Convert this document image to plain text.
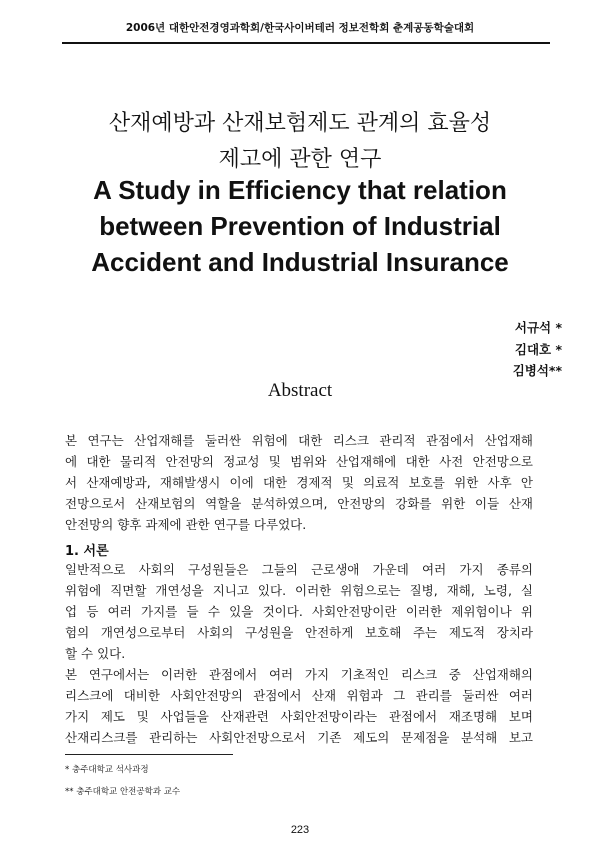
2006년 대한안전경영과학회/한국사이버테러 정보전학회 춘계공동학술대회
산재예방과 산재보험제도 관계의 효율성
제고에 관한 연구
A Study in Efficiency that relation
between Prevention of Industrial
Accident and Industrial Insurance
서규석 *
김대호 *
김병석**
Abstract
본 연구는 산업재해를 둘러싼 위험에 대한 리스크 관리적 관점에서 산업재해
에 대한 물리적 안전망의 정교성 및 범위와 산업재해에 대한 사전 안전망으로
서 산재예방과, 재해발생시 이에 대한 경제적 및 의료적 보호를 위한 사후 안
전망으로서 산재보험의 역할을 분석하였으며, 안전망의 강화를 위한 이들 산재
안전망의 향후 과제에 관한 연구를 다루었다.
1. 서론
일반적으로 사회의 구성원들은 그들의 근로생애 가운데 여러 가지 종류의
위험에 직면할 개연성을 지니고 있다. 이러한 위험으로는 질병, 재해, 노령, 실
업 등 여러 가지를 들 수 있을 것이다. 사회안전망이란 이러한 제위험이나 위
험의 개연성으로부터 사회의 구성원을 안전하게 보호해 주는 제도적 장치라
할 수 있다.
본 연구에서는 이러한 관점에서 여러 가지 기초적인 리스크 중 산업재해의
리스크에 대비한 사회안전망의 관점에서 산재 위험과 그 관리를 둘러싼 여러
가지 제도 및 사업들을 산재관련 사회안전망이라는 관점에서 재조명해 보며
산재리스크를 관리하는 사회안전망으로서 기존 제도의 문제점을 분석해 보고
* 충주대학교 석사과정
** 충주대학교 안전공학과 교수
223
